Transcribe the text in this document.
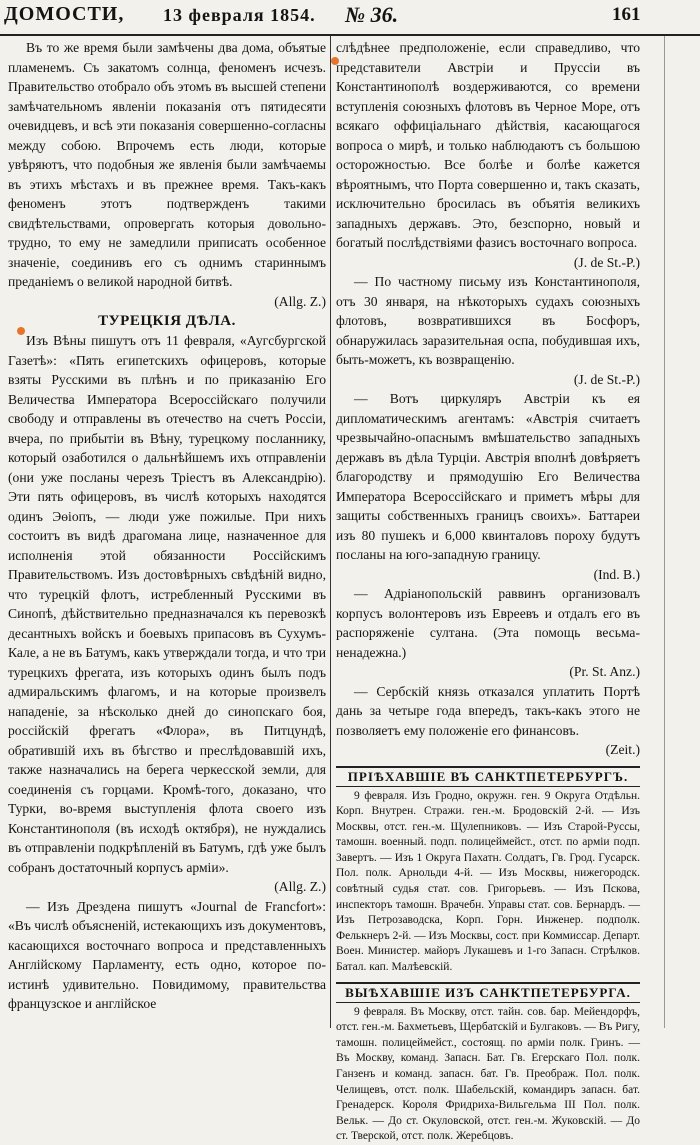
ДОМОСТИ, 13 февраля 1854. № 36.	161

Въ то же время были замѣчены два дома, объятые пламенемъ. Съ закатомъ солнца, феноменъ исчезъ. Правительство отобрало объ этомъ въ высшей степени замѣчательномъ явленіи показанія отъ пятидесяти очевидцевъ, и всѣ эти показанія совершенно-согласны между собою. Впрочемъ есть люди, которые увѣряютъ, что подобныя же явленія были замѣчаемы въ этихъ мѣстахъ и въ прежнее время. Такъ-какъ феноменъ этотъ подтвержденъ такими свидѣтельствами, опровергать которыя довольно-трудно, то ему не замедлили приписать особенное значеніе, соединивъ его съ однимъ стариннымъ преданіемъ о великой народной битвѣ.

(Allg. Z.)

ТУРЕЦКІЯ ДѢЛА.

Изъ Вѣны пишутъ отъ 11 февраля, «Аугсбургской Газетѣ»: «Пять египетскихъ офицеровъ, которые взяты Русскими въ плѣнъ и по приказанію Его Величества Императора Всероссійскаго получили свободу и отправлены въ отечество на счетъ Россіи, вчера, по прибытіи въ Вѣну, турецкому посланнику, который озаботился о дальнѣйшемъ ихъ отправленіи (они уже посланы черезъ Тріестъ въ Александрію). Эти пять офицеровъ, въ числѣ которыхъ находятся одинъ Эѳіопъ, — люди уже пожилые. При нихъ состоитъ въ видѣ драгомана лице, назначенное для исполненія этой обязанности Россійскимъ Правительствомъ. Изъ достовѣрныхъ свѣдѣній видно, что турецкій флотъ, истребленный Русскими въ Синопѣ, дѣйствительно предназначался къ перевозкѣ десантныхъ войскъ и боевыхъ припасовъ въ Сухумъ-Кале, а не въ Батумъ, какъ утверждали тогда, и что три турецкихъ фрегата, изъ которыхъ одинъ былъ подъ адмиральскимъ флагомъ, и на которые произвелъ нападеніе, за нѣсколько дней до синопскаго боя, россійскій фрегатъ «Флора», въ Питцундѣ, обратившій ихъ въ бѣгство и преслѣдовавшій ихъ, также назначались на берега черкесской земли, для соединенія съ горцами. Кромѣ-того, доказано, что Турки, во-время выступленія флота своего изъ Константинополя (въ исходѣ октября), не нуждались въ отправленіи подкрѣпленій въ Батумъ, гдѣ уже былъ собранъ достаточный корпусъ арміи».

(Allg. Z.)

— Изъ Дрездена пишутъ «Journal de Francfort»: «Въ числѣ объясненій, истекающихъ изъ документовъ, касающихся восточнаго вопроса и представленныхъ Англійскому Парламенту, есть одно, которое по-истинѣ удивительно. Повидимому, правительства французское и англійское

слѣдѣнее предположеніе, если справедливо, что представители Австріи и Пруссіи въ Константинополѣ воздерживаются, со времени вступленія союзныхъ флотовъ въ Черное Море, отъ всякаго оффиціальнаго дѣйствія, касающагося вопроса о мирѣ, и только наблюдаютъ съ большою осторожностью. Все болѣе и болѣе кажется вѣроятнымъ, что Порта совершенно и, такъ сказать, исключительно бросилась въ объятія великихъ западныхъ державъ. Это, безспорно, новый и богатый послѣдствіями фазисъ восточнаго вопроса.

(J. de St.-P.)

— По частному письму изъ Константинополя, отъ 30 января, на нѣкоторыхъ судахъ союзныхъ флотовъ, возвратившихся въ Босфоръ, обнаружилась заразительная оспа, побудившая ихъ, быть-можетъ, къ возвращенію.

(J. de St.-P.)

— Вотъ циркуляръ Австріи къ ея дипломатическимъ агентамъ: «Австрія считаетъ чрезвычайно-опаснымъ вмѣшательство западныхъ державъ въ дѣла Турціи. Австрія вполнѣ довѣряетъ благородству и прямодушію Его Величества Императора Всероссійскаго и приметъ мѣры для защиты собственныхъ границъ своихъ». Баттареи изъ 80 пушекъ и 6,000 квинталовъ пороху будутъ посланы на юго-западную границу.

(Ind. B.)

— Адріанопольскій раввинъ организовалъ корпусъ волонтеровъ изъ Евреевъ и отдалъ его въ распоряженіе султана. (Эта помощь весьма-ненадежна.)

(Pr. St. Anz.)

— Сербскій князь отказался уплатить Портѣ дань за четыре года впередъ, такъ-какъ этого не позволяетъ ему положеніе его финансовъ.

(Zeit.)

ПРІѢХАВШІЕ ВЪ САНКТПЕТЕРБУРГЪ.

9 февраля. Изъ Гродно, окружн. ген. 9 Округа Отдѣльн. Корп. Внутрен. Стражи. ген.-м. Бродовскій 2-й. — Изъ Москвы, отст. ген.-м. Щулепниковъ. — Изъ Старой-Руссы, тамошн. военный. подп. полицеймейст., отст. по арміи подп. Завертъ. — Изъ 1 Округа Пахатн. Солдатъ, Гв. Грод. Гусарск. Пол. полк. Арнольди 4-й. — Изъ Москвы, нижегородск. совѣтный судья стат. сов. Григорьевъ. — Изъ Пскова, инспекторъ тамошн. Врачебн. Управы стат. сов. Бернардъ. — Изъ Петрозаводска, Корп. Горн. Инженер. подполк. Фелькнеръ 2-й. — Изъ Москвы, сост. при Коммиссар. Департ. Воен. Министер. майоръ Лукашевъ и 1-го Запасн. Стрѣлков. Батал. кап. Малѣевскій.

ВЫѢХАВШІЕ ИЗЪ САНКТПЕТЕРБУРГА.

9 февраля. Въ Москву, отст. тайн. сов. бар. Мейендорфъ, отст. ген.-м. Бахметьевъ, Щербатскій и Булгаковъ. — Въ Ригу, тамошн. полицеймейст., состоящ. по арміи полк. Гринъ. — Въ Москву, команд. Запасн. Бат. Гв. Егерскаго Пол. полк. Ганзенъ и команд. запасн. бат. Гв. Преображ. Пол. полк. Челищевъ, отст. полк. Шабельскій, командиръ запасн. бат. Гренадерск. Короля Фридриха-Вильгельма III Пол. полк. Вельк. — До ст. Окуловской, отст. ген.-м. Жуковскій. — До ст. Тверской, отст. полк. Жеребцовъ.
